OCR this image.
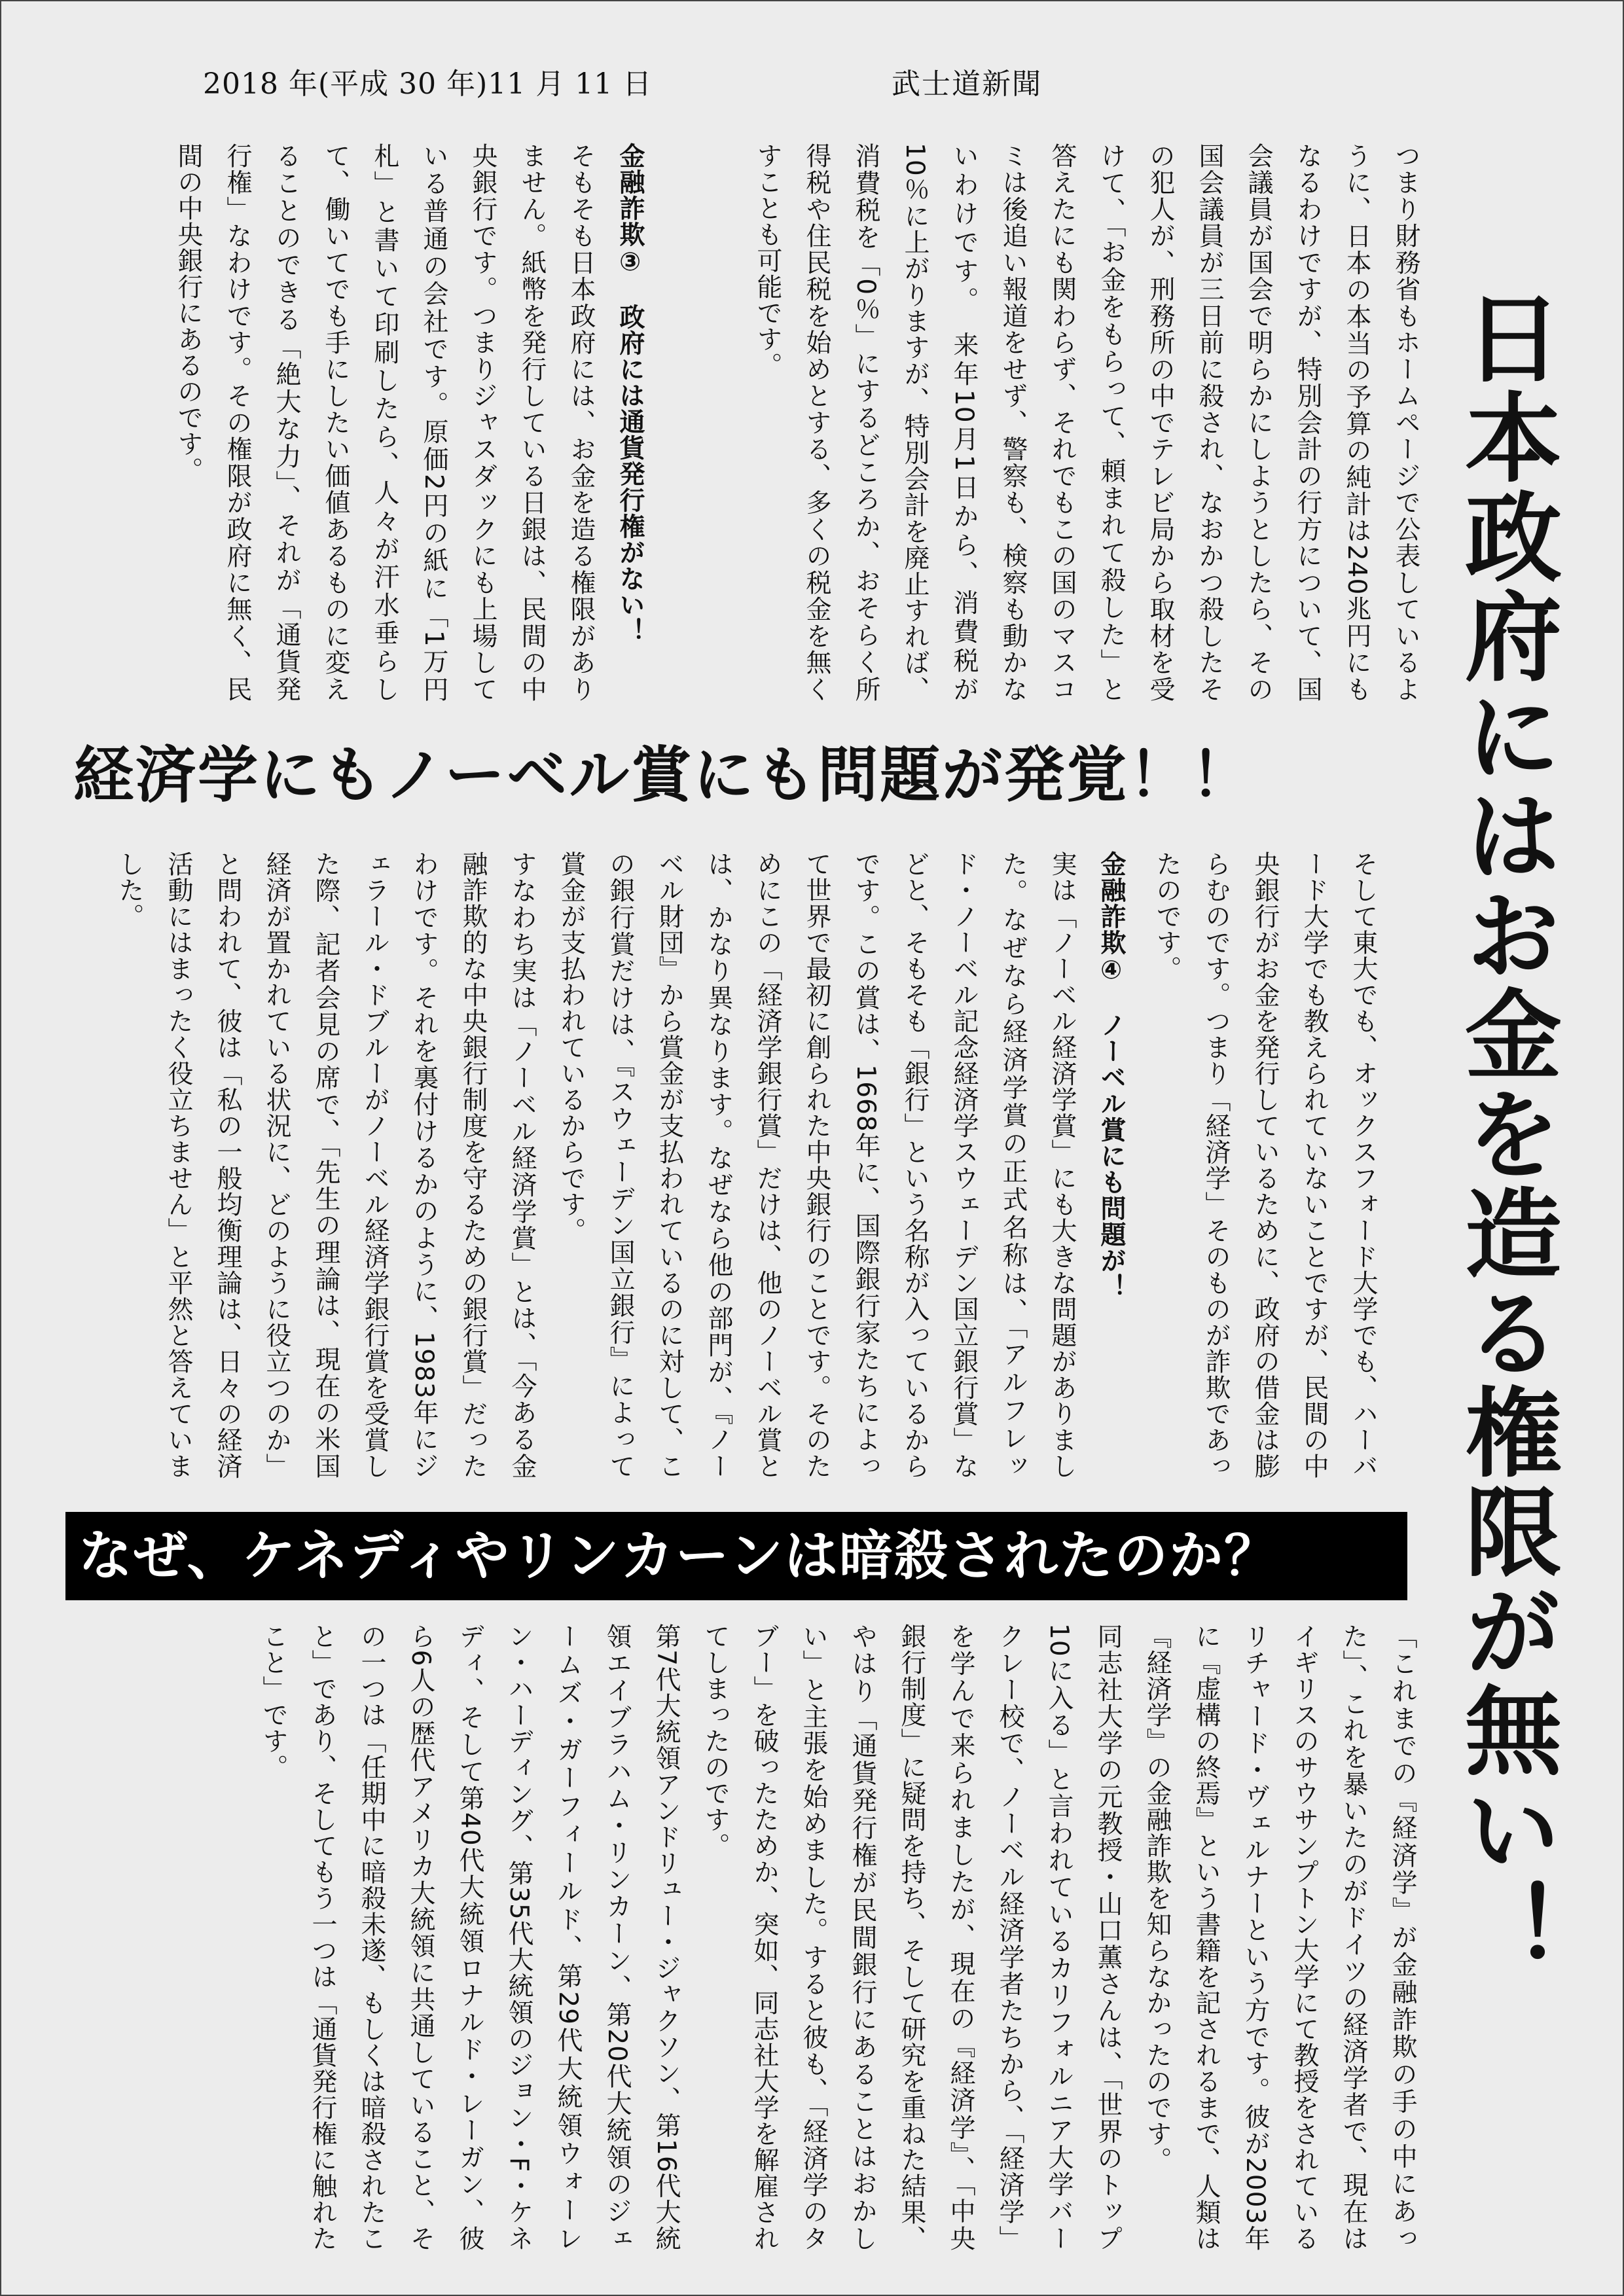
2018 年(平成 30 年)11 月 11 日	武士道新聞
日本政府にはお金を造る権限が無い！

つまり財務省もホームページで公表しているように、日本の本当の予算の純計は240兆円にもなるわけですが、特別会計の行方について、国会議員が国会で明らかにしようとしたら、その国会議員が三日前に殺され、なおかつ殺したその犯人が、刑務所の中でテレビ局から取材を受けて、「お金をもらって、頼まれて殺した」と答えたにも関わらず、それでもこの国のマスコミは後追い報道をせず、警察も、検察も動かないわけです。　来年10月1日から、消費税が10％に上がりますが、特別会計を廃止すれば、消費税を「0％」にするどころか、おそらく所得税や住民税を始めとする、多くの税金を無くすことも可能です。

金融詐欺③　政府には通貨発行権がない！

そもそも日本政府には、お金を造る権限がありません。紙幣を発行している日銀は、民間の中央銀行です。つまりジャスダックにも上場している普通の会社です。原価2円の紙に「1万円札」と書いて印刷したら、人々が汗水垂らして、働いてでも手にしたい価値あるものに変えることのできる「絶大な力」、それが「通貨発行権」なわけです。その権限が政府に無く、民間の中央銀行にあるのです。

経済学にもノーベル賞にも問題が発覚！！

そして東大でも、オックスフォード大学でも、ハーバード大学でも教えられていないことですが、民間の中央銀行がお金を発行しているために、政府の借金は膨らむのです。つまり「経済学」そのものが詐欺であったのです。

金融詐欺④　ノーベル賞にも問題が！

実は「ノーベル経済学賞」にも大きな問題がありました。なぜなら経済学賞の正式名称は、「アルフレッド・ノーベル記念経済学スウェーデン国立銀行賞」などと、そもそも「銀行」という名称が入っているからです。この賞は、1668年に、国際銀行家たちによって世界で最初に創られた中央銀行のことです。そのためにこの「経済学銀行賞」だけは、他のノーベル賞とは、かなり異なります。なぜなら他の部門が、『ノーベル財団』から賞金が支払われているのに対して、この銀行賞だけは、『スウェーデン国立銀行』によって賞金が支払われているからです。

すなわち実は「ノーベル経済学賞」とは、「今ある金融詐欺的な中央銀行制度を守るための銀行賞」だったわけです。それを裏付けるかのように、1983年にジェラール・ドブルーがノーベル経済学銀行賞を受賞した際、記者会見の席で、「先生の理論は、現在の米国経済が置かれている状況に、どのように役立つのか」と問われて、彼は「私の一般均衡理論は、日々の経済活動にはまったく役立ちません」と平然と答えていました。

なぜ、ケネディやリンカーンは暗殺されたのか？

「これまでの『経済学』が金融詐欺の手の中にあった」、これを暴いたのがドイツの経済学者で、現在はイギリスのサウサンプトン大学にて教授をされているリチャード・ヴェルナーという方です。彼が2003年に『虚構の終焉』という書籍を記されるまで、人類は『経済学』の金融詐欺を知らなかったのです。

同志社大学の元教授・山口薫さんは、「世界のトップ10に入る」と言われているカリフォルニア大学バークレー校で、ノーベル経済学者たちから、「経済学」を学んで来られましたが、現在の『経済学』、「中央銀行制度」に疑問を持ち、そして研究を重ねた結果、やはり「通貨発行権が民間銀行にあることはおかしい」と主張を始めました。すると彼も、「経済学のタブー」を破ったためか、突如、同志社大学を解雇されてしまったのです。

第7代大統領アンドリュー・ジャクソン、第16代大統領エイブラハム・リンカーン、第20代大統領のジェームズ・ガーフィールド、第29代大統領ウォーレン・ハーディング、第35代大統領のジョン・F・ケネディ、そして第40代大統領ロナルド・レーガン、彼ら6人の歴代アメリカ大統領に共通していること、その一つは「任期中に暗殺未遂、もしくは暗殺されたこと」であり、そしてもう一つは「通貨発行権に触れたこと」です。
